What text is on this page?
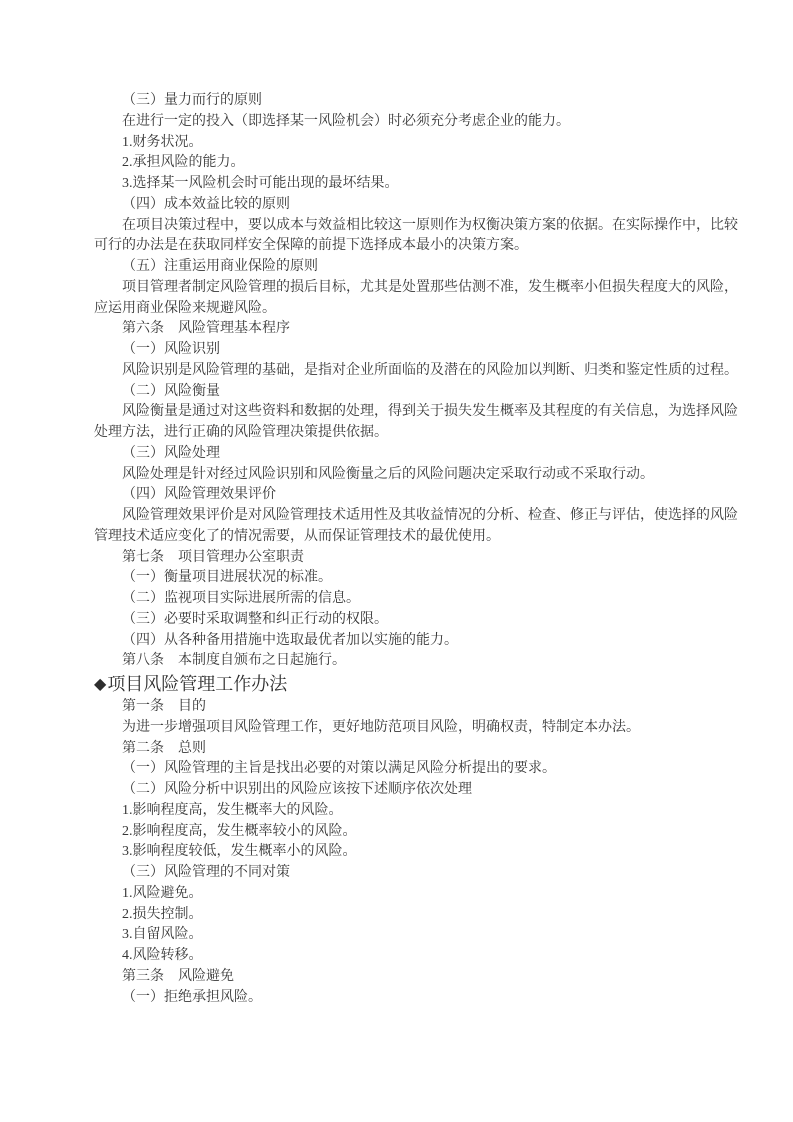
（三）量力而行的原则
在进行一定的投入（即选择某一风险机会）时必须充分考虑企业的能力。
1.财务状况。
2.承担风险的能力。
3.选择某一风险机会时可能出现的最坏结果。
（四）成本效益比较的原则
在项目决策过程中，要以成本与效益相比较这一原则作为权衡决策方案的依据。在实际操作中，比较
可行的办法是在获取同样安全保障的前提下选择成本最小的决策方案。
（五）注重运用商业保险的原则
项目管理者制定风险管理的损后目标，尤其是处置那些估测不准，发生概率小但损失程度大的风险，
应运用商业保险来规避风险。
第六条　风险管理基本程序
（一）风险识别
风险识别是风险管理的基础，是指对企业所面临的及潜在的风险加以判断、归类和鉴定性质的过程。
（二）风险衡量
风险衡量是通过对这些资料和数据的处理，得到关于损失发生概率及其程度的有关信息，为选择风险
处理方法，进行正确的风险管理决策提供依据。
（三）风险处理
风险处理是针对经过风险识别和风险衡量之后的风险问题决定采取行动或不采取行动。
（四）风险管理效果评价
风险管理效果评价是对风险管理技术适用性及其收益情况的分析、检查、修正与评估，使选择的风险
管理技术适应变化了的情况需要，从而保证管理技术的最优使用。
第七条　项目管理办公室职责
（一）衡量项目进展状况的标准。
（二）监视项目实际进展所需的信息。
（三）必要时采取调整和纠正行动的权限。
（四）从各种备用措施中选取最优者加以实施的能力。
第八条　本制度自颁布之日起施行。
◆项目风险管理工作办法
第一条　目的
为进一步增强项目风险管理工作，更好地防范项目风险，明确权责，特制定本办法。
第二条　总则
（一）风险管理的主旨是找出必要的对策以满足风险分析提出的要求。
（二）风险分析中识别出的风险应该按下述顺序依次处理
1.影响程度高，发生概率大的风险。
2.影响程度高，发生概率较小的风险。
3.影响程度较低，发生概率小的风险。
（三）风险管理的不同对策
1.风险避免。
2.损失控制。
3.自留风险。
4.风险转移。
第三条　风险避免
（一）拒绝承担风险。
